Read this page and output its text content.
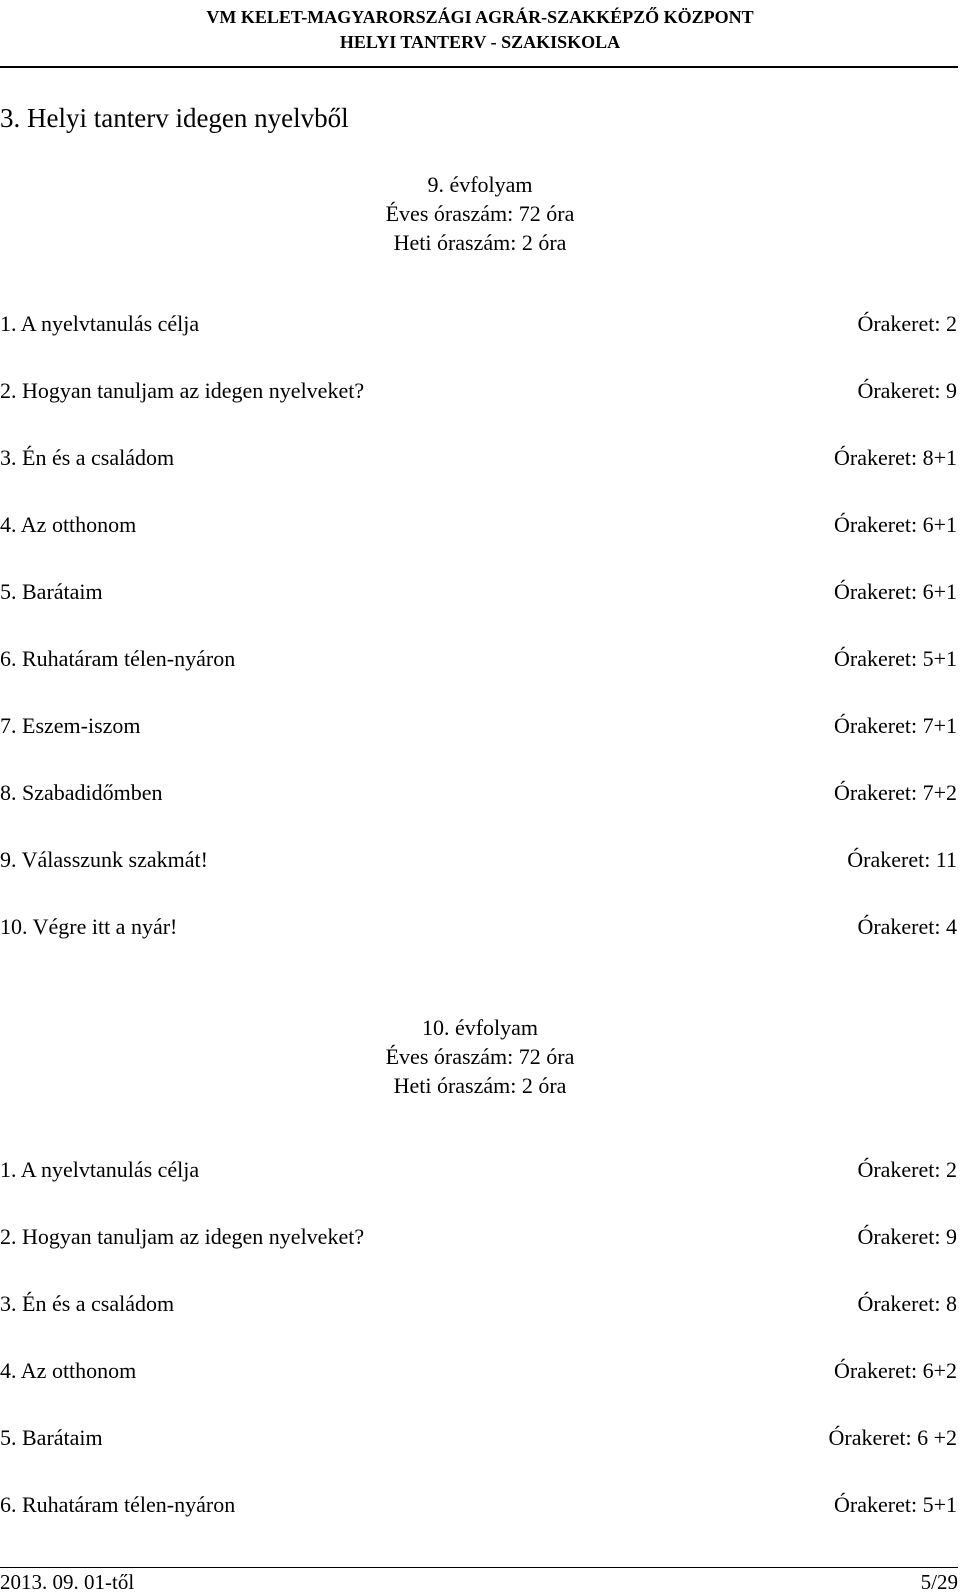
VM KELET-MAGYARORSZÁGI AGRÁR-SZAKKÉPZŐ KÖZPONT
HELYI TANTERV - SZAKISKOLA
3. Helyi tanterv idegen nyelvből
9. évfolyam
Éves óraszám: 72 óra
Heti óraszám: 2 óra
1. A nyelvtanulás célja	Órakeret: 2
2. Hogyan tanuljam az idegen nyelveket?	Órakeret: 9
3. Én és a családom	Órakeret: 8+1
4. Az otthonom	Órakeret: 6+1
5. Barátaim	Órakeret: 6+1
6. Ruhatáram télen-nyáron	Órakeret: 5+1
7. Eszem-iszom	Órakeret: 7+1
8. Szabadidőmben	Órakeret: 7+2
9. Válasszunk szakmát!	Órakeret: 11
10. Végre itt a nyár!	Órakeret: 4
10. évfolyam
Éves óraszám: 72 óra
Heti óraszám: 2 óra
1. A nyelvtanulás célja	Órakeret: 2
2. Hogyan tanuljam az idegen nyelveket?	Órakeret: 9
3. Én és a családom	Órakeret: 8
4. Az otthonom	Órakeret: 6+2
5. Barátaim	Órakeret: 6 +2
6. Ruhatáram télen-nyáron	Órakeret: 5+1
2013. 09. 01-től	5/29
